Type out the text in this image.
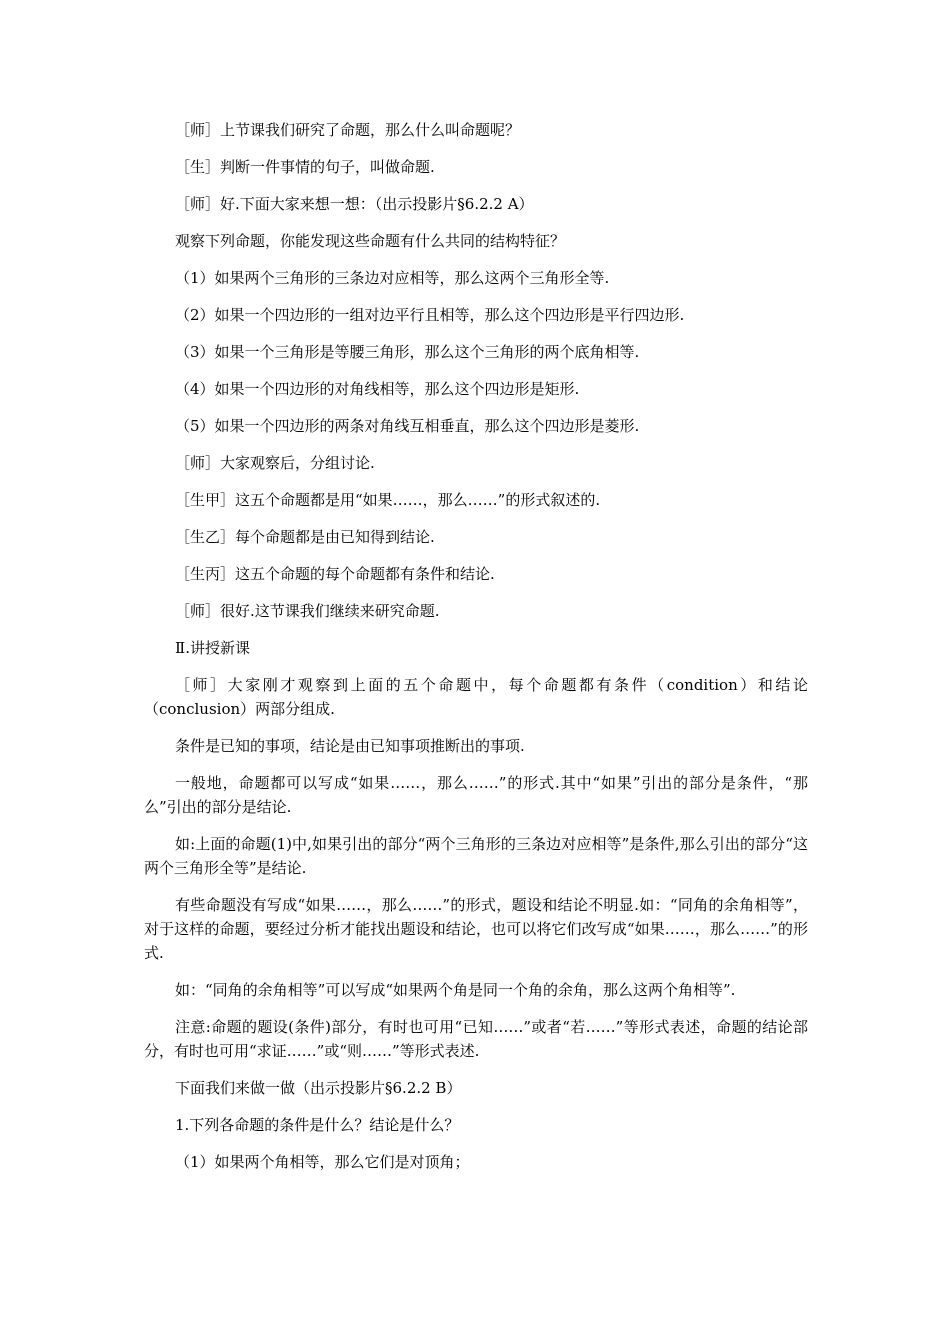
［师］上节课我们研究了命题，那么什么叫命题呢？

［生］判断一件事情的句子，叫做命题.

［师］好.下面大家来想一想：（出示投影片§6.2.2 A）

观察下列命题，你能发现这些命题有什么共同的结构特征？

（1）如果两个三角形的三条边对应相等，那么这两个三角形全等.

（2）如果一个四边形的一组对边平行且相等，那么这个四边形是平行四边形.

（3）如果一个三角形是等腰三角形，那么这个三角形的两个底角相等.

（4）如果一个四边形的对角线相等，那么这个四边形是矩形.

（5）如果一个四边形的两条对角线互相垂直，那么这个四边形是菱形.

［师］大家观察后，分组讨论.

［生甲］这五个命题都是用“如果……，那么……”的形式叙述的.

［生乙］每个命题都是由已知得到结论.

［生丙］这五个命题的每个命题都有条件和结论.

［师］很好.这节课我们继续来研究命题.

Ⅱ.讲授新课

［师］大家刚才观察到上面的五个命题中，每个命题都有条件（condition）和结论（conclusion）两部分组成.

条件是已知的事项，结论是由已知事项推断出的事项.

一般地，命题都可以写成“如果……，那么……”的形式.其中“如果”引出的部分是条件，“那么”引出的部分是结论.

如:上面的命题(1)中,如果引出的部分“两个三角形的三条边对应相等”是条件,那么引出的部分“这两个三角形全等”是结论.

有些命题没有写成“如果……，那么……”的形式，题设和结论不明显.如：“同角的余角相等”，对于这样的命题，要经过分析才能找出题设和结论，也可以将它们改写成“如果……，那么……”的形式.

如：“同角的余角相等”可以写成“如果两个角是同一个角的余角，那么这两个角相等”.

注意:命题的题设(条件)部分，有时也可用“已知……”或者“若……”等形式表述，命题的结论部分，有时也可用“求证……”或“则……”等形式表述.

下面我们来做一做（出示投影片§6.2.2 B）

1.下列各命题的条件是什么？结论是什么？

（1）如果两个角相等，那么它们是对顶角；
